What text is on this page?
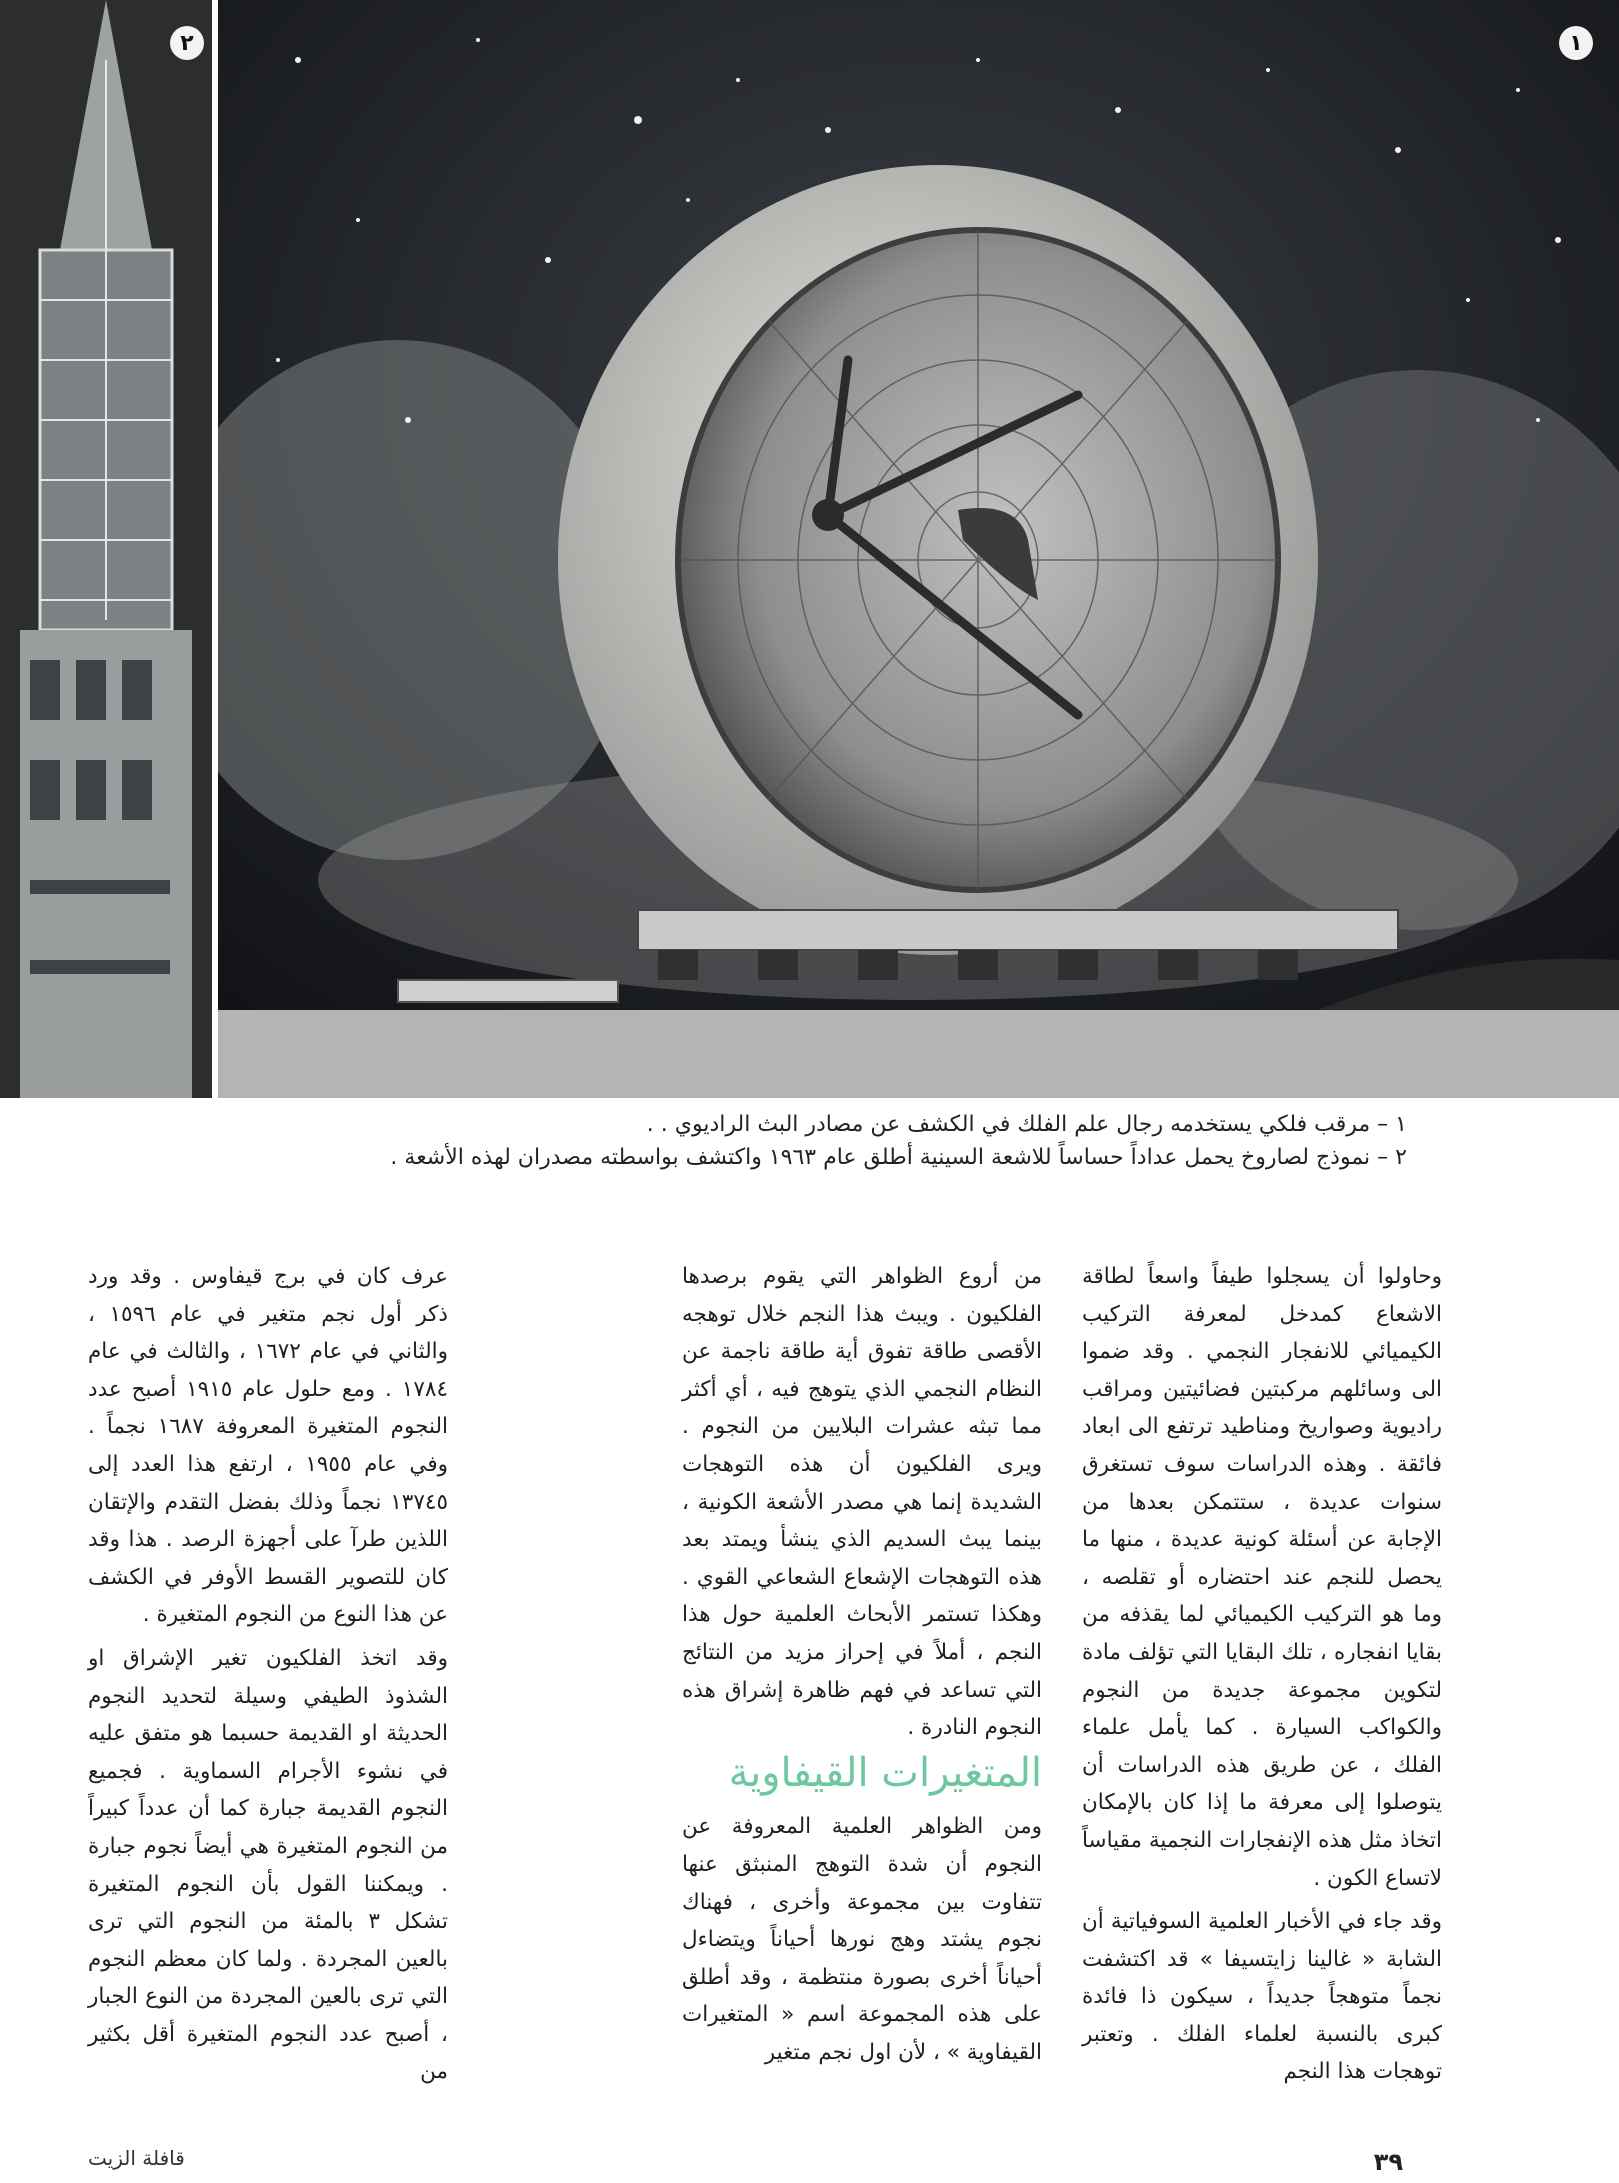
١
٢

١ – مرقب فلكي يستخدمه رجال علم الفلك في الكشف عن مصادر البث الراديوي . .

٢ – نموذج لصاروخ يحمل عداداً حساساً للاشعة السينية أطلق عام ١٩٦٣ واكتشف بواسطته مصدران لهذه الأشعة .

وحاولوا أن يسجلوا طيفاً واسعاً لطاقة الاشعاع كمدخل لمعرفة التركيب الكيميائي للانفجار النجمي . وقد ضموا الى وسائلهم مركبتين فضائيتين ومراقب راديوية وصواريخ ومناطيد ترتفع الى ابعاد فائقة . وهذه الدراسات سوف تستغرق سنوات عديدة ، ستتمكن بعدها من الإجابة عن أسئلة كونية عديدة ، منها ما يحصل للنجم عند احتضاره أو تقلصه ، وما هو التركيب الكيميائي لما يقذفه من بقايا انفجاره ، تلك البقايا التي تؤلف مادة لتكوين مجموعة جديدة من النجوم والكواكب السيارة . كما يأمل علماء الفلك ، عن طريق هذه الدراسات أن يتوصلوا إلى معرفة ما إذا كان بالإمكان اتخاذ مثل هذه الإنفجارات النجمية مقياساً لاتساع الكون .

وقد جاء في الأخبار العلمية السوفياتية أن الشابة « غالينا زايتسيفا » قد اكتشفت نجماً متوهجاً جديداً ، سيكون ذا فائدة كبرى بالنسبة لعلماء الفلك . وتعتبر توهجات هذا النجم

من أروع الظواهر التي يقوم برصدها الفلكيون . ويبث هذا النجم خلال توهجه الأقصى طاقة تفوق أية طاقة ناجمة عن النظام النجمي الذي يتوهج فيه ، أي أكثر مما تبثه عشرات البلايين من النجوم . ويرى الفلكيون أن هذه التوهجات الشديدة إنما هي مصدر الأشعة الكونية ، بينما يبث السديم الذي ينشأ ويمتد بعد هذه التوهجات الإشعاع الشعاعي القوي . وهكذا تستمر الأبحاث العلمية حول هذا النجم ، أملاً في إحراز مزيد من النتائج التي تساعد في فهم ظاهرة إشراق هذه النجوم النادرة .

المتغيرات القيفاوية

ومن الظواهر العلمية المعروفة عن النجوم أن شدة التوهج المنبثق عنها تتفاوت بين مجموعة وأخرى ، فهناك نجوم يشتد وهج نورها أحياناً ويتضاءل أحياناً أخرى بصورة منتظمة ، وقد أطلق على هذه المجموعة اسم « المتغيرات القيفاوية » ، لأن اول نجم متغير

عرف كان في برج قيفاوس . وقد ورد ذكر أول نجم متغير في عام ١٥٩٦ ، والثاني في عام ١٦٧٢ ، والثالث في عام ١٧٨٤ . ومع حلول عام ١٩١٥ أصبح عدد النجوم المتغيرة المعروفة ١٦٨٧ نجماً . وفي عام ١٩٥٥ ، ارتفع هذا العدد إلى ١٣٧٤٥ نجماً وذلك بفضل التقدم والإتقان اللذين طرآ على أجهزة الرصد . هذا وقد كان للتصوير القسط الأوفر في الكشف عن هذا النوع من النجوم المتغيرة .

وقد اتخذ الفلكيون تغير الإشراق او الشذوذ الطيفي وسيلة لتحديد النجوم الحديثة او القديمة حسبما هو متفق عليه في نشوء الأجرام السماوية . فجميع النجوم القديمة جبارة كما أن عدداً كبيراً من النجوم المتغيرة هي أيضاً نجوم جبارة . ويمكننا القول بأن النجوم المتغيرة تشكل ٣ بالمئة من النجوم التي ترى بالعين المجردة . ولما كان معظم النجوم التي ترى بالعين المجردة من النوع الجبار ، أصبح عدد النجوم المتغيرة أقل بكثير من

٣٩
قافلة الزيت
